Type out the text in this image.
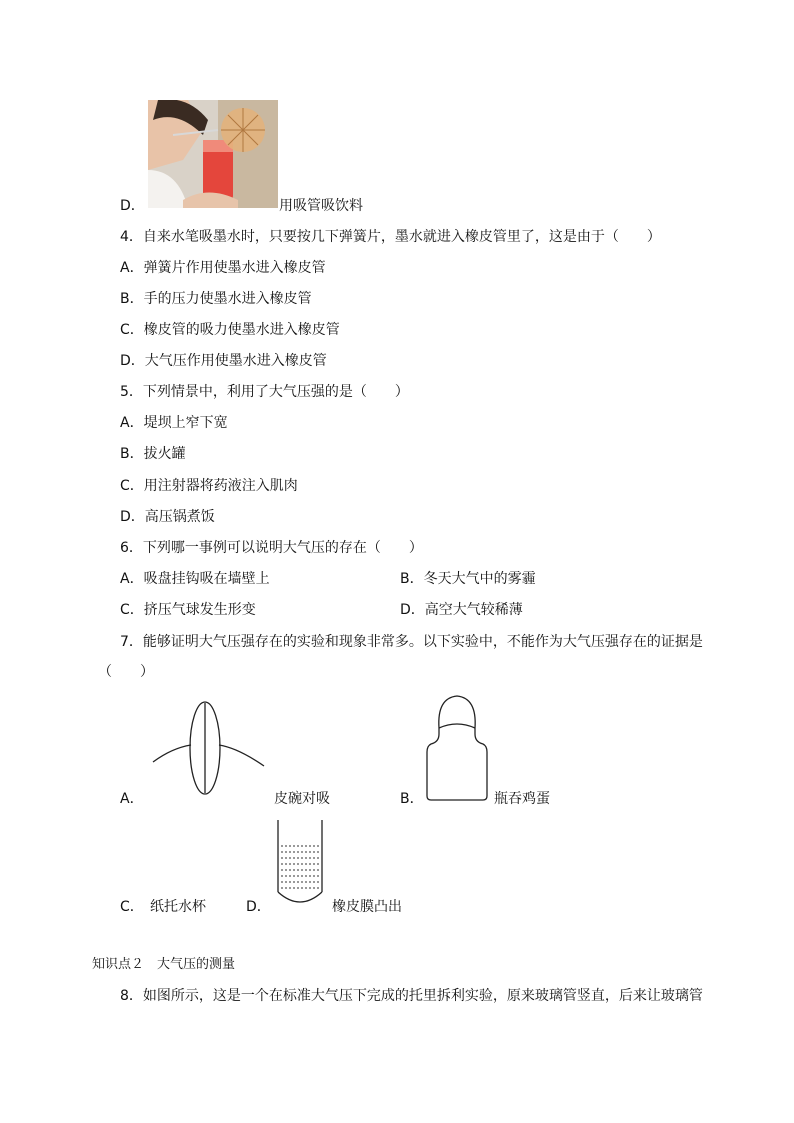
D．	用吸管吸饮料
4．自来水笔吸墨水时，只要按几下弹簧片，墨水就进入橡皮管里了，这是由于（　　）
A．弹簧片作用使墨水进入橡皮管
B．手的压力使墨水进入橡皮管
C．橡皮管的吸力使墨水进入橡皮管
D．大气压作用使墨水进入橡皮管
5．下列情景中，利用了大气压强的是（　　）
A．堤坝上窄下宽
B．拔火罐
C．用注射器将药液注入肌肉
D．高压锅煮饭
6．下列哪一事例可以说明大气压的存在（　　）
A．吸盘挂钩吸在墙壁上	B．冬天大气中的雾霾
C．挤压气球发生形变	D．高空大气较稀薄
7．能够证明大气压强存在的实验和现象非常多。以下实验中，不能作为大气压强存在的证据是
（　　）
A．	皮碗对吸	B．	瓶吞鸡蛋
C． 纸托水杯	D．	橡皮膜凸出
知识点２　大气压的测量
8．如图所示，这是一个在标准大气压下完成的托里拆利实验，原来玻璃管竖直，后来让玻璃管
